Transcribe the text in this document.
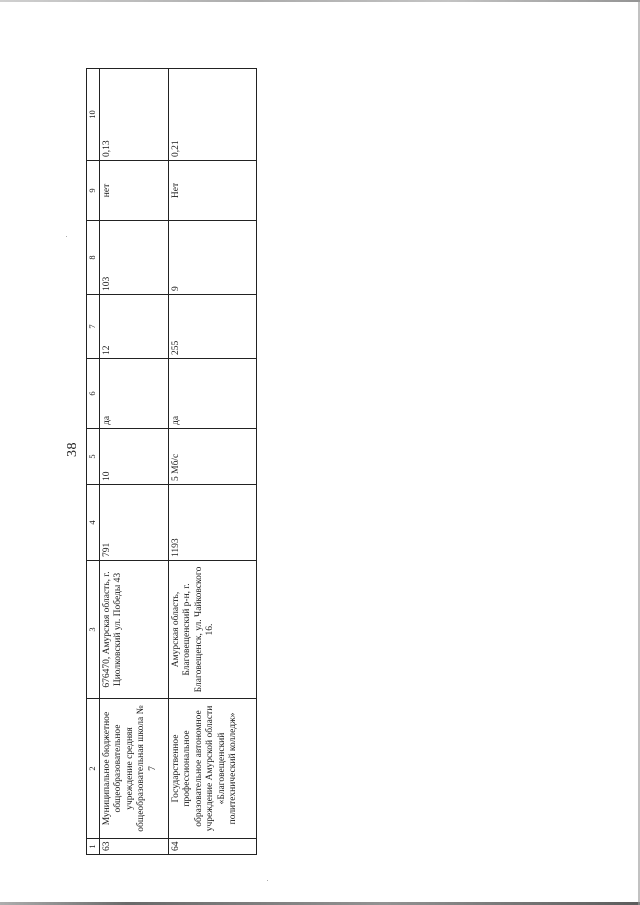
38
1	2	3	4	5	6	7	8	9	10
63	Муниципальное бюджетное общеобразовательное учреждение средняя общеобразовательная школа № 7	676470, Амурская область, г. Циолковский ул. Победы 43	791	10	да	12	103	нет	0,13
64	Государственное профессиональное образовательное автономное учреждение Амурской области «Благовещенский политехнический колледж»	Амурская область, Благовещенский р-н, г. Благовещенск, ул. Чайковского 16.	1193	5 Мб/с	да	255	9	Нет	0,21
